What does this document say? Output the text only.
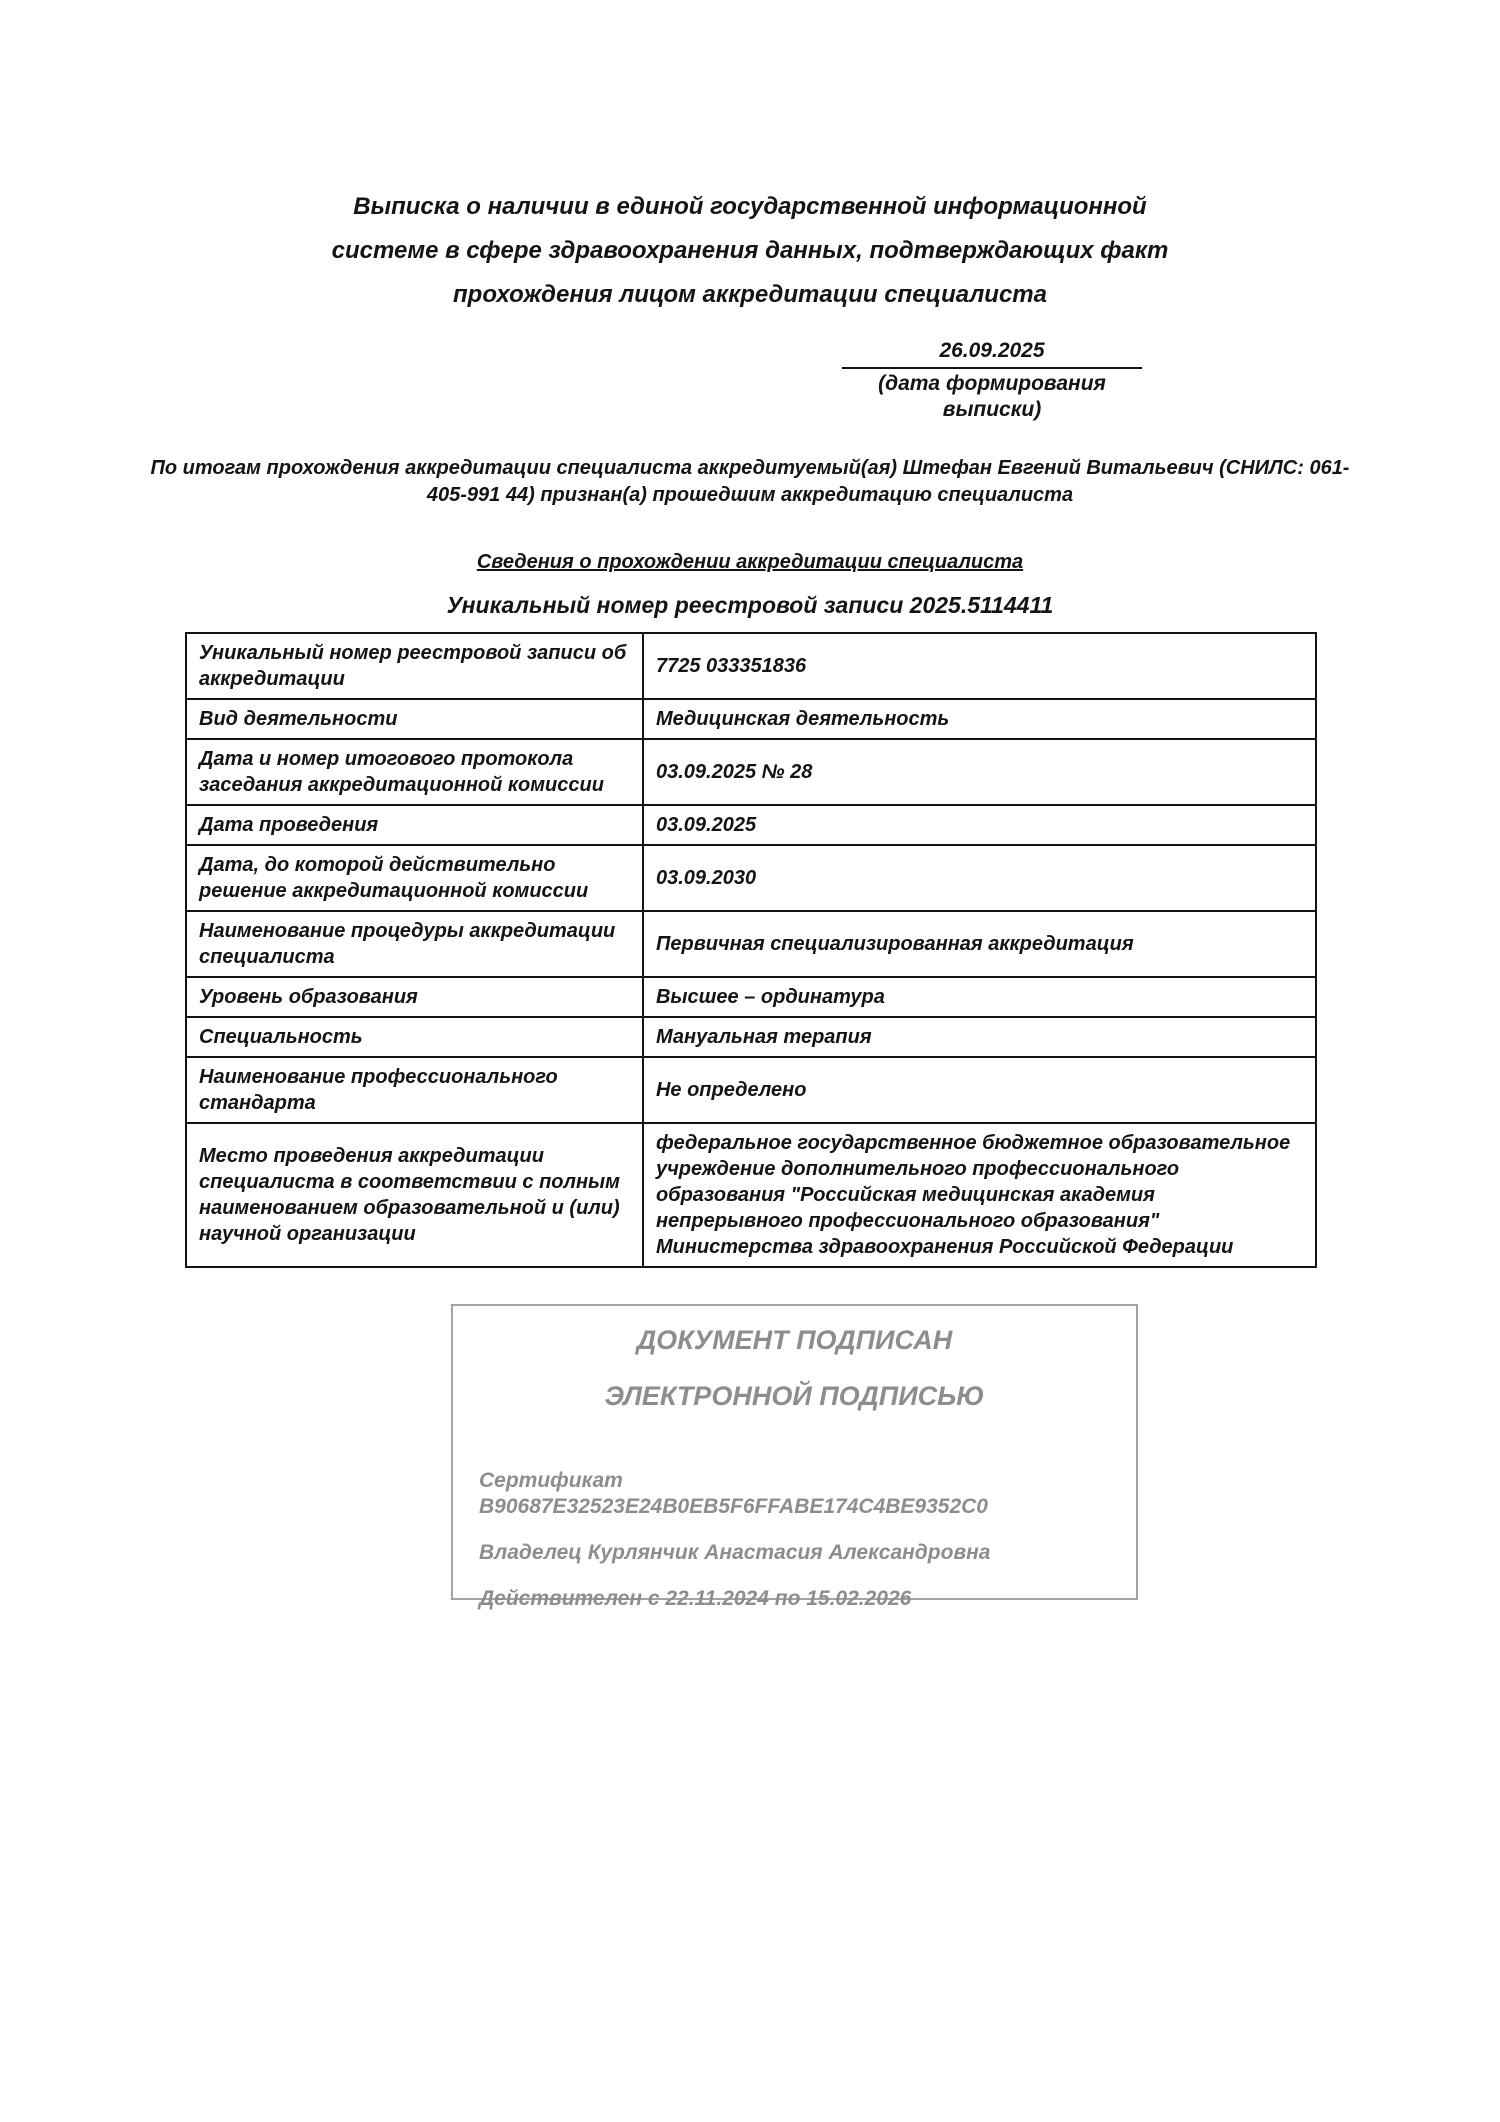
Выписка о наличии в единой государственной информационной
системе в сфере здравоохранения данных, подтверждающих факт
прохождения лицом аккредитации специалиста
26.09.2025
(дата формирования выписки)
По итогам прохождения аккредитации специалиста аккредитуемый(ая) Штефан Евгений Витальевич (СНИЛС: 061-
405-991 44) признан(а) прошедшим аккредитацию специалиста
Сведения о прохождении аккредитации специалиста
Уникальный номер реестровой записи 2025.5114411
Уникальный номер реестровой записи об аккредитации	7725 033351836
Вид деятельности	Медицинская деятельность
Дата и номер итогового протокола заседания аккредитационной комиссии	03.09.2025 № 28
Дата проведения	03.09.2025
Дата, до которой действительно решение аккредитационной комиссии	03.09.2030
Наименование процедуры аккредитации специалиста	Первичная специализированная аккредитация
Уровень образования	Высшее – ординатура
Специальность	Мануальная терапия
Наименование профессионального стандарта	Не определено
Место проведения аккредитации специалиста в соответствии с полным наименованием образовательной и (или) научной организации	федеральное государственное бюджетное образовательное учреждение дополнительного профессионального образования "Российская медицинская академия непрерывного профессионального образования" Министерства здравоохранения Российской Федерации
ДОКУМЕНТ ПОДПИСАН
ЭЛЕКТРОННОЙ ПОДПИСЬЮ
Сертификат B90687E32523E24B0EB5F6FFABE174C4BE9352C0
Владелец Курлянчик Анастасия Александровна
Действителен с 22.11.2024 по 15.02.2026
